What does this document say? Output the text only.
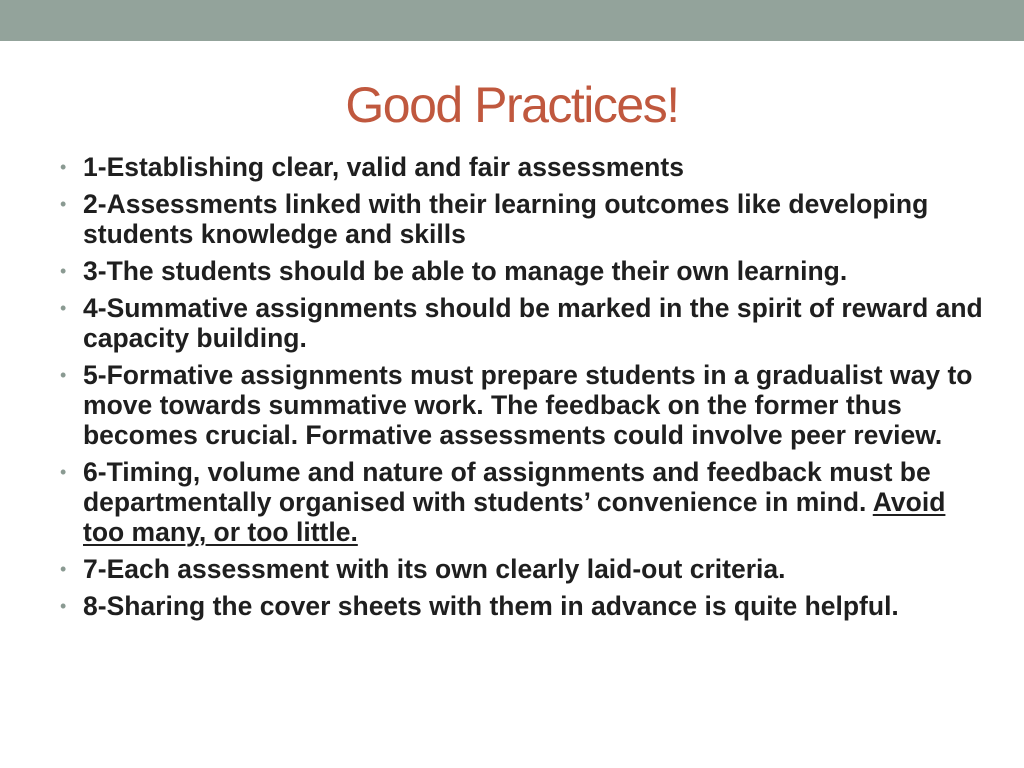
Good Practices!
• 1-Establishing clear, valid and fair assessments
• 2-Assessments linked with their learning outcomes like developing students knowledge and skills
• 3-The students should be able to manage their own learning.
• 4-Summative assignments should be marked in the spirit of reward and capacity building.
• 5-Formative assignments must prepare students in a gradualist way to move towards summative work. The feedback on the former thus becomes crucial. Formative assessments could involve peer review.
• 6-Timing, volume and nature of assignments and feedback must be departmentally organised with students’ convenience in mind. Avoid too many, or too little.
• 7-Each assessment with its own clearly laid-out criteria.
• 8-Sharing the cover sheets with them in advance is quite helpful.
